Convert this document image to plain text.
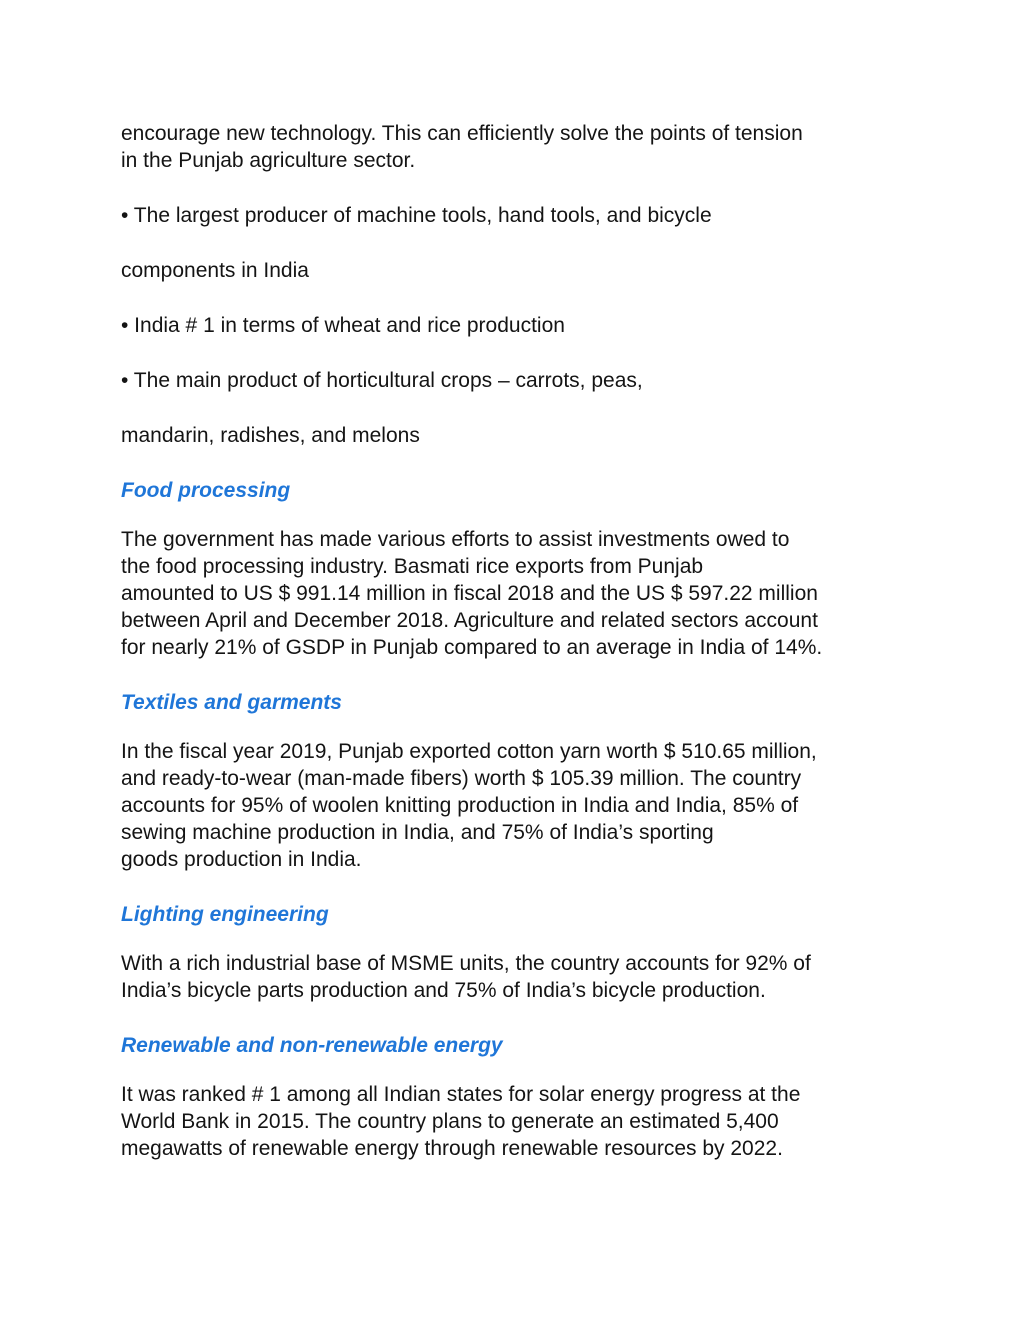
encourage new technology. This can efficiently solve the points of tension
in the Punjab agriculture sector.

• The largest producer of machine tools, hand tools, and bicycle

components in India

• India # 1 in terms of wheat and rice production

• The main product of horticultural crops – carrots, peas,

mandarin, radishes, and melons

Food processing

The government has made various efforts to assist investments owed to
the food processing industry. Basmati rice exports from Punjab
amounted to US $ 991.14 million in fiscal 2018 and the US $ 597.22 million
between April and December 2018. Agriculture and related sectors account
for nearly 21% of GSDP in Punjab compared to an average in India of 14%.

Textiles and garments

In the fiscal year 2019, Punjab exported cotton yarn worth $ 510.65 million,
and ready-to-wear (man-made fibers) worth $ 105.39 million. The country
accounts for 95% of woolen knitting production in India and India, 85% of
sewing machine production in India, and 75% of India’s sporting
goods production in India.

Lighting engineering

With a rich industrial base of MSME units, the country accounts for 92% of
India’s bicycle parts production and 75% of India’s bicycle production.

Renewable and non-renewable energy

It was ranked # 1 among all Indian states for solar energy progress at the
World Bank in 2015. The country plans to generate an estimated 5,400
megawatts of renewable energy through renewable resources by 2022.
